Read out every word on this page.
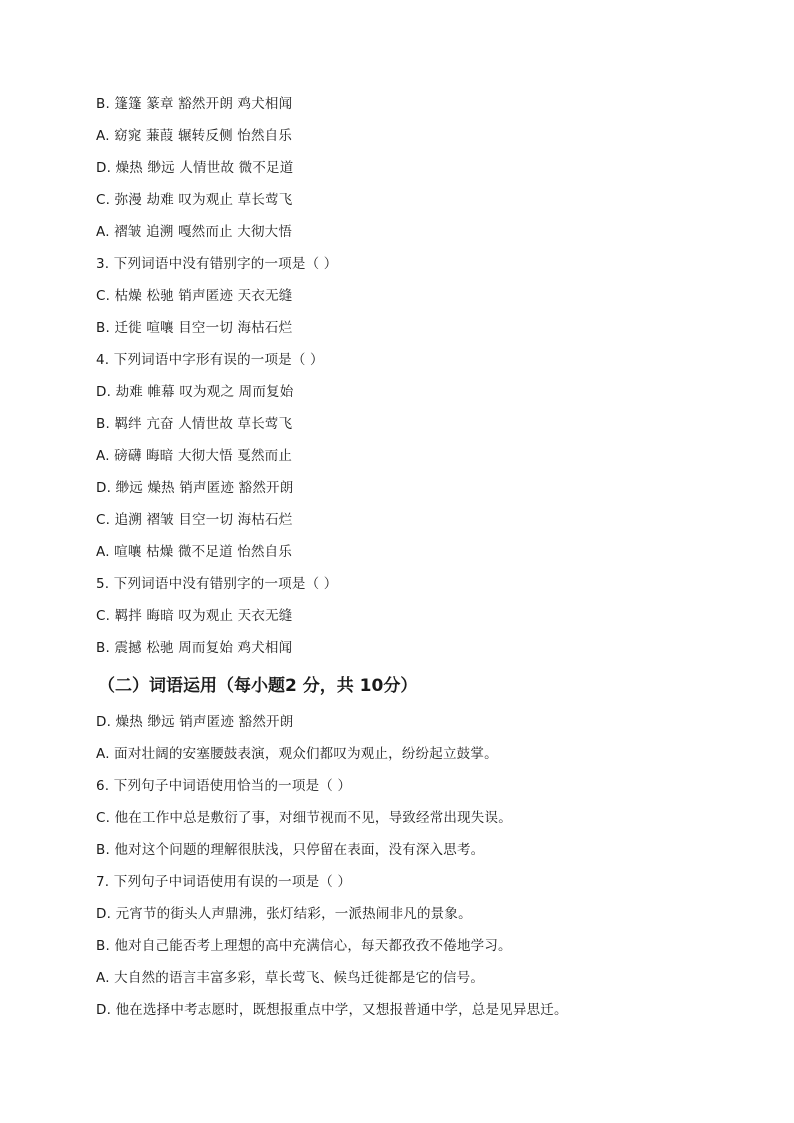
B. 篷篷 篆章 豁然开朗 鸡犬相闻
A. 窈窕 蒹葭 辗转反侧 怡然自乐
D. 燥热 缈远 人情世故 微不足道
C. 弥漫 劫难 叹为观止 草长莺飞
A. 褶皱 追溯 嘎然而止 大彻大悟
3. 下列词语中没有错别字的一项是（ ）
C. 枯燥 松驰 销声匿迹 天衣无缝
B. 迁徙 喧嚷 目空一切 海枯石烂
4. 下列词语中字形有误的一项是（ ）
D. 劫难 帷幕 叹为观之 周而复始
B. 羁绊 亢奋 人情世故 草长莺飞
A. 磅礴 晦暗 大彻大悟 戛然而止
D. 缈远 燥热 销声匿迹 豁然开朗
C. 追溯 褶皱 目空一切 海枯石烂
A. 喧嚷 枯燥 微不足道 怡然自乐
5. 下列词语中没有错别字的一项是（ ）
C. 羁拌 晦暗 叹为观止 天衣无缝
B. 震撼 松驰 周而复始 鸡犬相闻
（二）词语运用（每小题2 分，共 10分）
D. 燥热 缈远 销声匿迹 豁然开朗
A. 面对壮阔的安塞腰鼓表演，观众们都叹为观止，纷纷起立鼓掌。
6. 下列句子中词语使用恰当的一项是（ ）
C. 他在工作中总是敷衍了事，对细节视而不见，导致经常出现失误。
B. 他对这个问题的理解很肤浅，只停留在表面，没有深入思考。
7. 下列句子中词语使用有误的一项是（ ）
D. 元宵节的街头人声鼎沸，张灯结彩，一派热闹非凡的景象。
B. 他对自己能否考上理想的高中充满信心，每天都孜孜不倦地学习。
A. 大自然的语言丰富多彩，草长莺飞、候鸟迁徙都是它的信号。
D. 他在选择中考志愿时，既想报重点中学，又想报普通中学，总是见异思迁。
